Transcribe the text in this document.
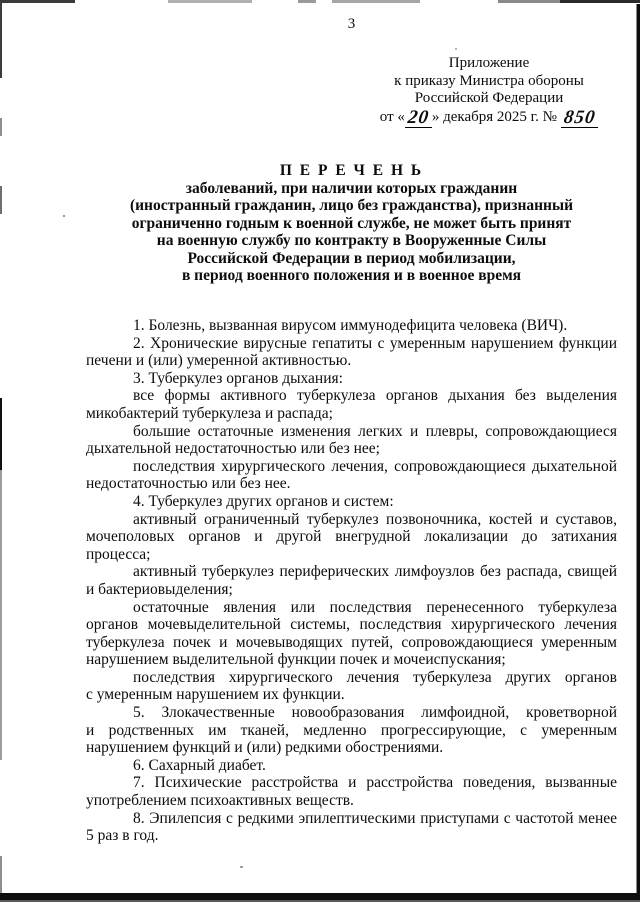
3
Приложение
к приказу Министра обороны
Российской Федерации
от «20 » декабря 2025 г. № 850
П Е Р Е Ч Е Н Ь
заболеваний, при наличии которых гражданин
(иностранный гражданин, лицо без гражданства), признанный
ограниченно годным к военной службе, не может быть принят
на военную службу по контракту в Вооруженные Силы
Российской Федерации в период мобилизации,
в период военного положения и в военное время
1. Болезнь, вызванная вирусом иммунодефицита человека (ВИЧ).
2. Хронические вирусные гепатиты с умеренным нарушением функции
печени и (или) умеренной активностью.
3. Туберкулез органов дыхания:
все формы активного туберкулеза органов дыхания без выделения
микобактерий туберкулеза и распада;
большие остаточные изменения легких и плевры, сопровождающиеся
дыхательной недостаточностью или без нее;
последствия хирургического лечения, сопровождающиеся дыхательной
недостаточностью или без нее.
4. Туберкулез других органов и систем:
активный ограниченный туберкулез позвоночника, костей и суставов,
мочеполовых органов и другой внегрудной локализации до затихания
процесса;
активный туберкулез периферических лимфоузлов без распада, свищей
и бактериовыделения;
остаточные явления или последствия перенесенного туберкулеза
органов мочевыделительной системы, последствия хирургического лечения
туберкулеза почек и мочевыводящих путей, сопровождающиеся умеренным
нарушением выделительной функции почек и мочеиспускания;
последствия хирургического лечения туберкулеза других органов
с умеренным нарушением их функции.
5. Злокачественные новообразования лимфоидной, кроветворной
и родственных им тканей, медленно прогрессирующие, с умеренным
нарушением функций и (или) редкими обострениями.
6. Сахарный диабет.
7. Психические расстройства и расстройства поведения, вызванные
употреблением психоактивных веществ.
8. Эпилепсия с редкими эпилептическими приступами с частотой менее
5 раз в год.
